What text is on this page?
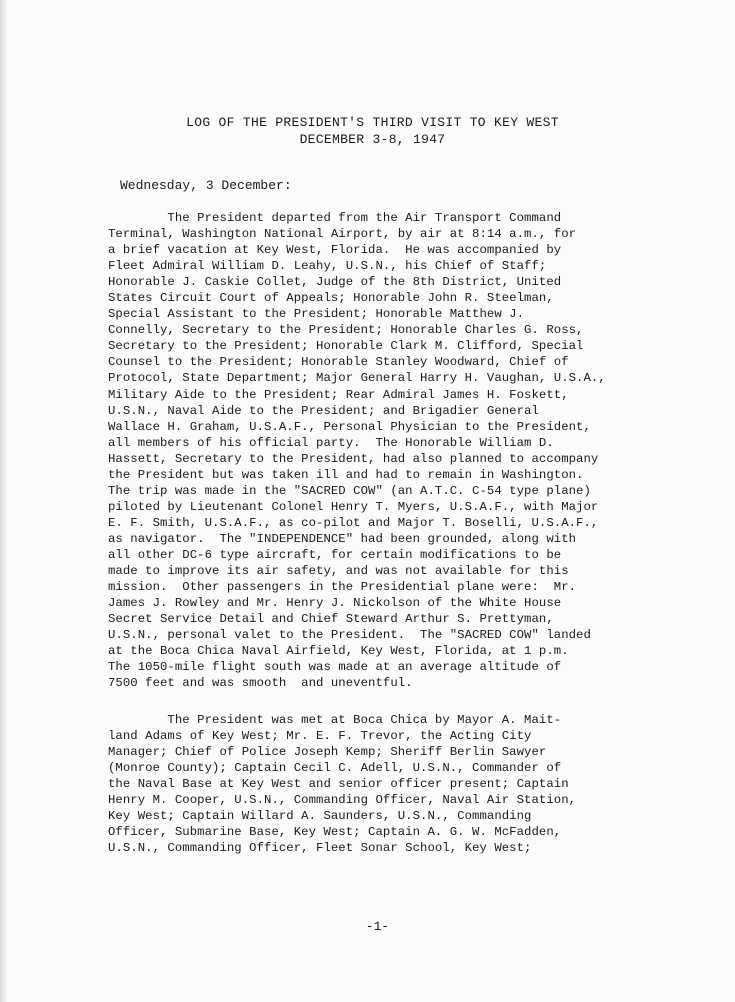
LOG OF THE PRESIDENT'S THIRD VISIT TO KEY WEST
DECEMBER 3-8, 1947
Wednesday, 3 December:
The President departed from the Air Transport Command
Terminal, Washington National Airport, by air at 8:14 a.m., for
a brief vacation at Key West, Florida.  He was accompanied by
Fleet Admiral William D. Leahy, U.S.N., his Chief of Staff;
Honorable J. Caskie Collet, Judge of the 8th District, United
States Circuit Court of Appeals; Honorable John R. Steelman,
Special Assistant to the President; Honorable Matthew J.
Connelly, Secretary to the President; Honorable Charles G. Ross,
Secretary to the President; Honorable Clark M. Clifford, Special
Counsel to the President; Honorable Stanley Woodward, Chief of
Protocol, State Department; Major General Harry H. Vaughan, U.S.A.,
Military Aide to the President; Rear Admiral James H. Foskett,
U.S.N., Naval Aide to the President; and Brigadier General
Wallace H. Graham, U.S.A.F., Personal Physician to the President,
all members of his official party.  The Honorable William D.
Hassett, Secretary to the President, had also planned to accompany
the President but was taken ill and had to remain in Washington.
The trip was made in the "SACRED COW" (an A.T.C. C-54 type plane)
piloted by Lieutenant Colonel Henry T. Myers, U.S.A.F., with Major
E. F. Smith, U.S.A.F., as co-pilot and Major T. Boselli, U.S.A.F.,
as navigator.  The "INDEPENDENCE" had been grounded, along with
all other DC-6 type aircraft, for certain modifications to be
made to improve its air safety, and was not available for this
mission.  Other passengers in the Presidential plane were:  Mr.
James J. Rowley and Mr. Henry J. Nickolson of the White House
Secret Service Detail and Chief Steward Arthur S. Prettyman,
U.S.N., personal valet to the President.  The "SACRED COW" landed
at the Boca Chica Naval Airfield, Key West, Florida, at 1 p.m.
The 1050-mile flight south was made at an average altitude of
7500 feet and was smooth  and uneventful.
The President was met at Boca Chica by Mayor A. Mait-
land Adams of Key West; Mr. E. F. Trevor, the Acting City
Manager; Chief of Police Joseph Kemp; Sheriff Berlin Sawyer
(Monroe County); Captain Cecil C. Adell, U.S.N., Commander of
the Naval Base at Key West and senior officer present; Captain
Henry M. Cooper, U.S.N., Commanding Officer, Naval Air Station,
Key West; Captain Willard A. Saunders, U.S.N., Commanding
Officer, Submarine Base, Key West; Captain A. G. W. McFadden,
U.S.N., Commanding Officer, Fleet Sonar School, Key West;
-1-
